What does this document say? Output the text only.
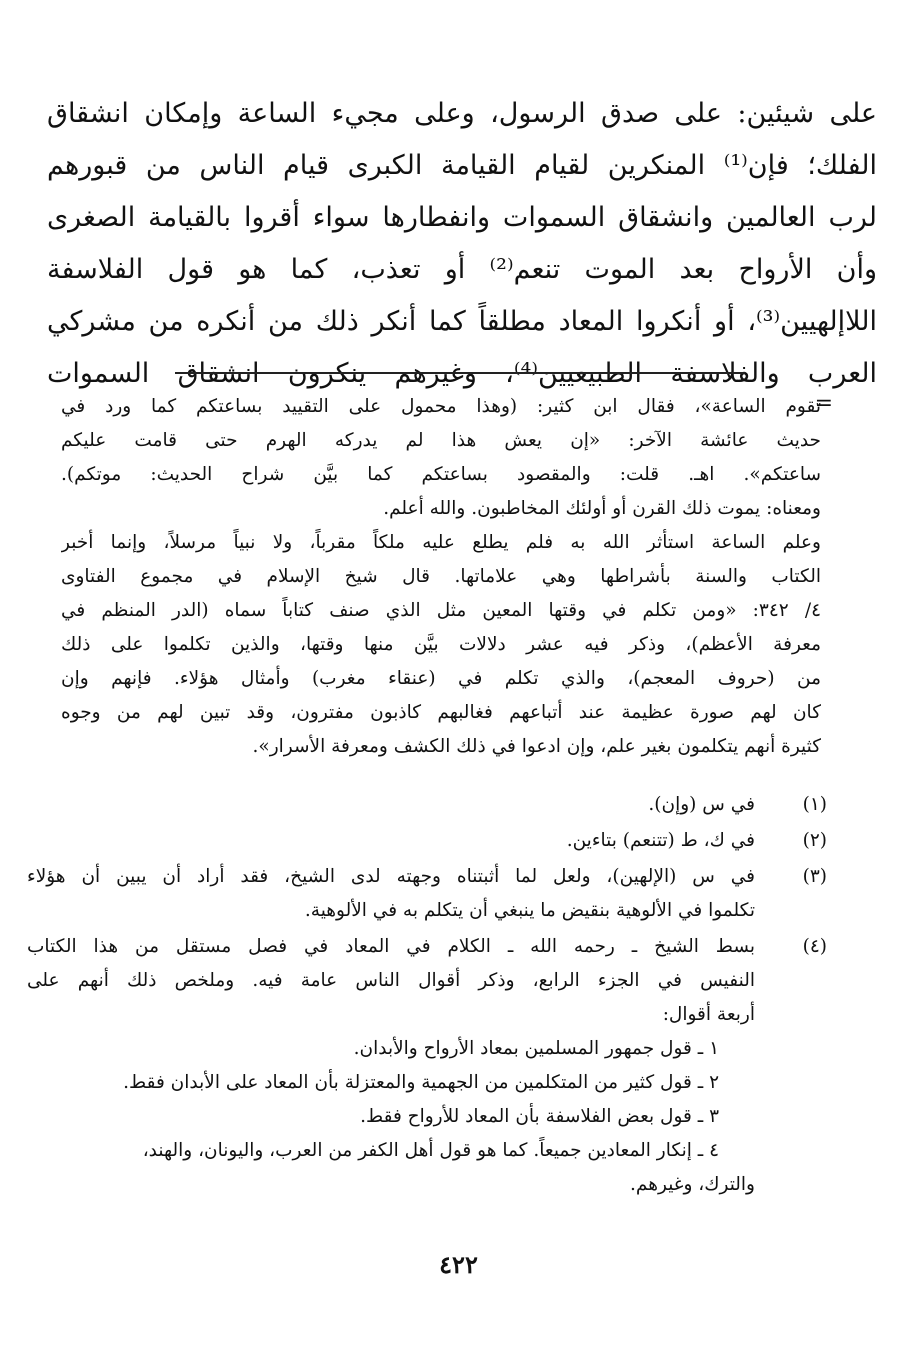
على شيئين: على صدق الرسول، وعلى مجيء الساعة وإمكان انشقاق
الفلك؛ فإن⁽¹⁾ المنكرين لقيام القيامة الكبرى قيام الناس من قبورهم
لرب العالمين وانشقاق السموات وانفطارها سواء أقروا بالقيامة الصغرى
وأن الأرواح بعد الموت تنعم⁽²⁾ أو تعذب، كما هو قول الفلاسفة
اللاإلهيين⁽³⁾، أو أنكروا المعاد مطلقاً كما أنكر ذلك من أنكره من مشركي
العرب والفلاسفة الطبيعيين⁽⁴⁾، وغيرهم ينكرون انشقاق السموات
=
تقوم الساعة»، فقال ابن كثير: (وهذا محمول على التقييد بساعتكم كما ورد في
حديث عائشة الآخر: «إن يعش هذا لم يدركه الهرم حتى قامت عليكم
ساعتكم». اهـ. قلت: والمقصود بساعتكم كما بيَّن شراح الحديث: موتكم).
ومعناه: يموت ذلك القرن أو أولئك المخاطبون. والله أعلم.
وعلم الساعة استأثر الله به فلم يطلع عليه ملكاً مقرباً، ولا نبياً مرسلاً، وإنما أخبر
الكتاب والسنة بأشراطها وهي علاماتها. قال شيخ الإسلام في مجموع الفتاوى
٤/ ٣٤٢: «ومن تكلم في وقتها المعين مثل الذي صنف كتاباً سماه (الدر المنظم في
معرفة الأعظم)، وذكر فيه عشر دلالات بيَّن منها وقتها، والذين تكلموا على ذلك
من (حروف المعجم)، والذي تكلم في (عنقاء مغرب) وأمثال هؤلاء. فإنهم وإن
كان لهم صورة عظيمة عند أتباعهم فغالبهم كاذبون مفترون، وقد تبين لهم من وجوه
كثيرة أنهم يتكلمون بغير علم، وإن ادعوا في ذلك الكشف ومعرفة الأسرار».
(١)
في س (وإن).
(٢)
في ك، ط (تتنعم) بتاءين.
(٣)
في س (الإلهين)، ولعل لما أثبتناه وجهته لدى الشيخ، فقد أراد أن يبين أن هؤلاء
تكلموا في الألوهية بنقيض ما ينبغي أن يتكلم به في الألوهية.
(٤)
بسط الشيخ ـ رحمه الله ـ الكلام في المعاد في فصل مستقل من هذا الكتاب
النفيس في الجزء الرابع، وذكر أقوال الناس عامة فيه. وملخص ذلك أنهم على
أربعة أقوال:
١ ـ قول جمهور المسلمين بمعاد الأرواح والأبدان.
٢ ـ قول كثير من المتكلمين من الجهمية والمعتزلة بأن المعاد على الأبدان فقط.
٣ ـ قول بعض الفلاسفة بأن المعاد للأرواح فقط.
٤ ـ إنكار المعادين جميعاً. كما هو قول أهل الكفر من العرب، واليونان، والهند،
والترك، وغيرهم.
٤٢٢
